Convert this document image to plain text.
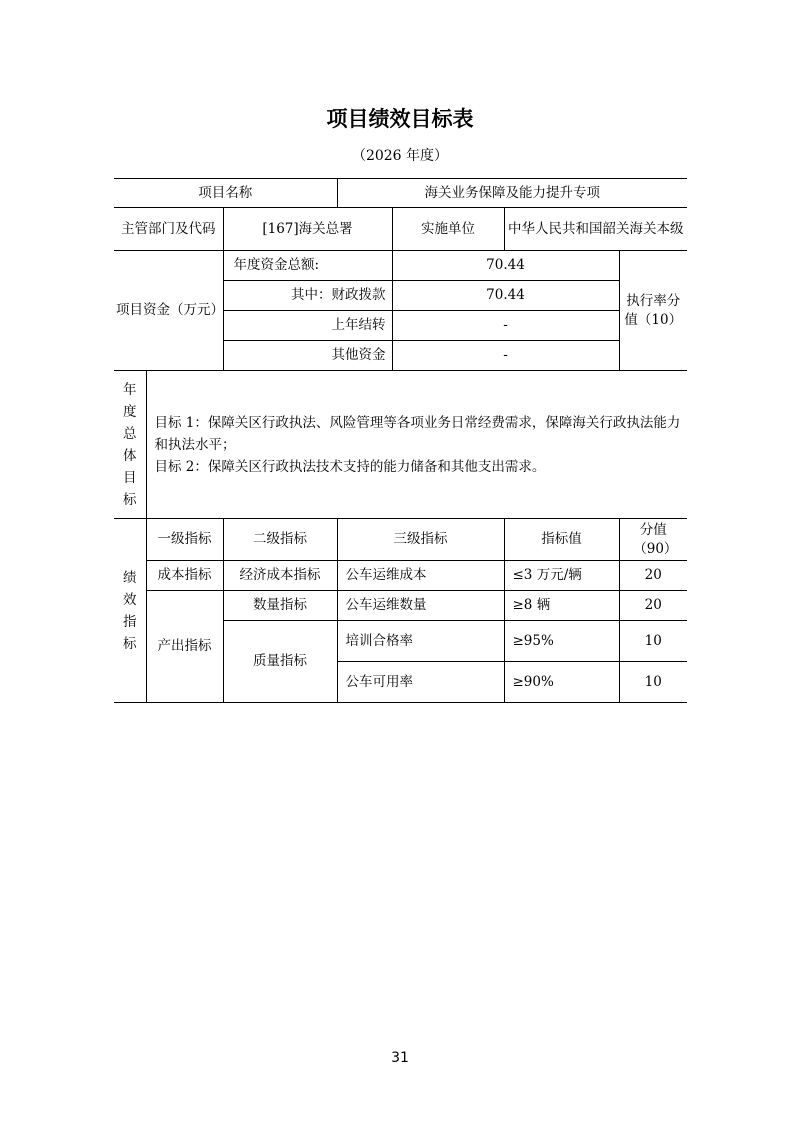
项目绩效目标表
（2026 年度）
项目名称			海关业务保障及能力提升专项			
主管部门及代码		[167]海关总署		实施单位	中华人民共和国韶关海关本级	
项目资金（万元）		年度资金总额:		70.44		执行率分值（10）
		其中：财政拨款		70.44		
		上年结转		-		
		其他资金		-		
年度总体目标	目标 1：保障关区行政执法、风险管理等各项业务日常经费需求，保障海关行政执法能力和执法水平；
目标 2：保障关区行政执法技术支持的能力储备和其他支出需求。					

绩效指标	一级指标	二级指标	三级指标		指标值	分值（90）
	成本指标	经济成本指标	公车运维成本		≤3 万元/辆	20
	产出指标	数量指标	公车运维数量		≥8 辆	20
		质量指标	培训合格率		≥95%	10
			公车可用率		≥90%	10
31
